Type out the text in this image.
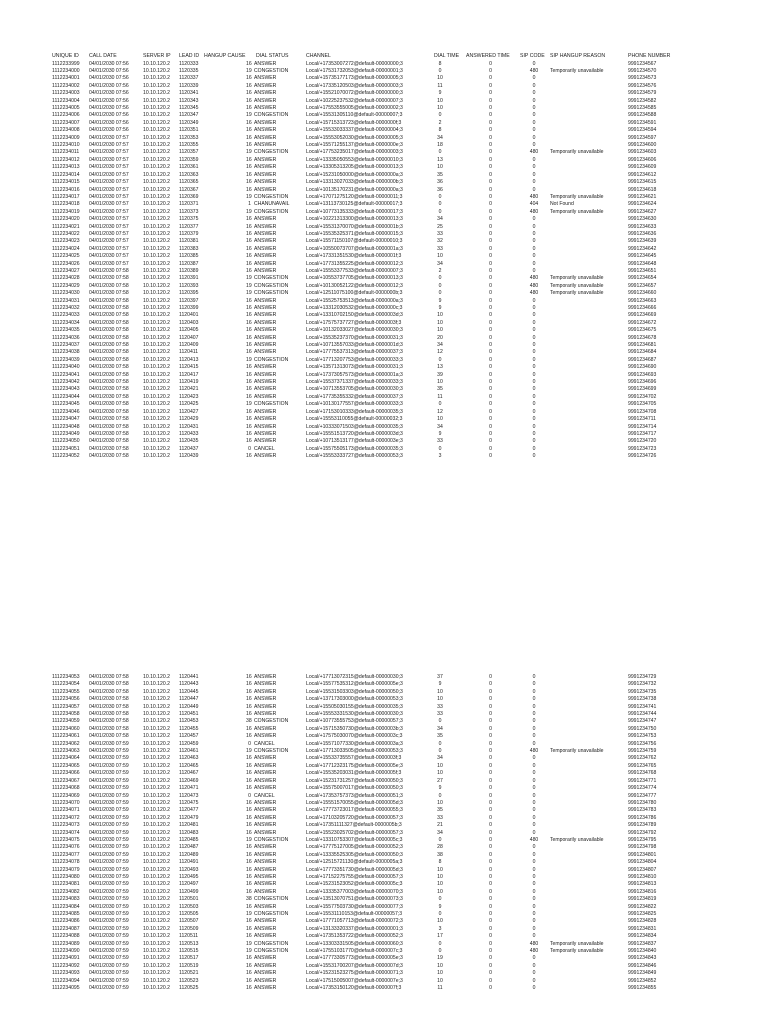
UNIQUE ID CALL DATE	SERVER IP LEAD ID HANGUP CAUSE DIAL STATUS	CHANNEL	DIAL TIME ANSWERED TIME SIP CODE SIP HANGUP REASON	PHONE NUMBER
1112233999 04/01/2030 07:56	10.10.120.2 1120333	16 ANSWER	Local/+17353007272@default-00000000;3	8	0	0	9991234567
1112234000 04/01/2030 07:56	10.10.120.2 1120335	19 CONGESTION	Local/+17531732053@default-00000001;3	0	0	480	Temporarily unavailable	9991234570
1112234001 04/01/2030 07:56	10.10.120.2 1120337	16 ANSWER	Local/+15735177173@default-00000005;3	10	0	0	9991234573
1112234002 04/01/2030 07:56	10.10.120.2 1120339	16 ANSWER	Local/+17335120503@default-00000003;3	11	0	0	9991234576
1112234003 04/01/2030 07:56	10.10.120.2 1120341	16 ANSWER	Local/+15521070072@default-00000000;3	9	0	0	9991234579
1112234004 04/01/2030 07:56	10.10.120.2 1120343	16 ANSWER	Local/+10225237532@default-00000007;3	10	0	0	9991234582
1112234005 04/01/2030 07:56	10.10.120.2 1120345	16 ANSWER	Local/+17553555005@default-00000002;3	10	0	0	9991234585
1112234006 04/01/2030 07:56	10.10.120.2 1120347	19 CONGESTION	Local/+15531305110@default-00000007;3	0	0	0	9991234588
1112234007 04/01/2030 07:56	10.10.120.2 1120349	16 ANSWER	Local/+15715313723@default-0000000f;3	2	0	0	9991234591
1112234008 04/01/2030 07:56	10.10.120.2 1120351	16 ANSWER	Local/+15533033337@default-00000004;3	8	0	0	9991234594
1112234009 04/01/2030 07:57	10.10.120.2 1120353	16 ANSWER	Local/+15553052030@default-00000005;3	34	0	0	9991234597
1112234010 04/01/2030 07:57	10.10.120.2 1120355	16 ANSWER	Local/+15571255137@default-0000000e;3	18	0	0	9991234600
1112234011 04/01/2030 07:57	10.10.120.2 1120357	19 CONGESTION	Local/+17753235017@default-00000003;3	0	0	480	Temporarily unavailable	9991234603
1112234012 04/01/2030 07:57	10.10.120.2 1120359	16 ANSWER	Local/+13335050553@default-00000010;3	13	0	0	9991234606
1112234013 04/01/2030 07:57	10.10.120.2 1120361	16 ANSWER	Local/+13305313205@default-00000013;3	10	0	0	9991234609
1112234014 04/01/2030 07:57	10.10.120.2 1120363	16 ANSWER	Local/+15231050000@default-0000000a;3	35	0	0	9991234612
1112234015 04/01/2030 07:57	10.10.120.2 1120365	16 ANSWER	Local/+13313027033@default-0000000b;3	36	0	0	9991234615
1112234016 04/01/2030 07:57	10.10.120.2 1120367	16 ANSWER	Local/+10135170231@default-0000000a;3	36	0	0	9991234618
1112234017 04/01/2030 07:57	10.10.120.2 1120369	19 CONGESTION	Local/+17071275120@default-00000011;3	0	0	480	Temporarily unavailable	9991234621
1112234018 04/01/2030 07:57	10.10.120.2 1120371	1 CHANUNAVAIL	Local/+13113730125@default-00000017;3	0	0	404	Not Found	9991234624
1112234019 04/01/2030 07:57	10.10.120.2 1120373	19 CONGESTION	Local/+10773135333@default-00000017;3	0	0	480	Temporarily unavailable	9991234627
1112234020 04/01/2030 07:57	10.10.120.2 1120375	16 ANSWER	Local/+10221313300@default-00000013;3	34	0	0	9991234630
1112234021 04/01/2030 07:57	10.10.120.2 1120377	16 ANSWER	Local/+15531370070@default-0000001b;3	25	0	0	9991234633
1112234022 04/01/2030 07:57	10.10.120.2 1120379	16 ANSWER	Local/+15535325371@default-00000015;3	33	0	0	9991234636
1112234023 04/01/2030 07:57	10.10.120.2 1120381	16 ANSWER	Local/+15571150107@default-00000010;3	32	0	0	9991234639
1112234024 04/01/2030 07:57	10.10.120.2 1120383	16 ANSWER	Local/+10550073707@default-0000001a;3	33	0	0	9991234642
1112234025 04/01/2030 07:57	10.10.120.2 1120385	16 ANSWER	Local/+17331351530@default-0000001f;3	10	0	0	9991234645
1112234026 04/01/2030 07:57	10.10.120.2 1120387	16 ANSWER	Local/+17731355225@default-00000012;3	34	0	0	9991234648
1112234027 04/01/2030 07:58	10.10.120.2 1120389	16 ANSWER	Local/+15553377533@default-00000007;3	2	0	0	9991234651
1112234028 04/01/2030 07:58	10.10.120.2 1120391	19 CONGESTION	Local/+10553737705@default-00000013;3	0	0	480	Temporarily unavailable	9991234654
1112234029 04/01/2030 07:58	10.10.120.2 1120393	19 CONGESTION	Local/+10130052122@default-00000012;3	0	0	480	Temporarily unavailable	9991234657
1112234030 04/01/2030 07:58	10.10.120.2 1120395	19 CONGESTION	Local/+12511075100@default-0000000b;3	0	0	480	Temporarily unavailable	9991234660
1112234031 04/01/2030 07:58	10.10.120.2 1120397	16 ANSWER	Local/+15525753513@default-0000000a;3	9	0	0	9991234663
1112234032 04/01/2030 07:58	10.10.120.2 1120399	16 ANSWER	Local/+13312030532@default-0000000c;3	9	0	0	9991234666
1112234033 04/01/2030 07:58	10.10.120.2 1120401	16 ANSWER	Local/+13310702150@default-0000003d;3	10	0	0	9991234669
1112234034 04/01/2030 07:58	10.10.120.2 1120403	16 ANSWER	Local/+17575737727@default-0000003f;3	10	0	0	9991234672
1112234035 04/01/2030 07:58	10.10.120.2 1120405	16 ANSWER	Local/+10132033027@default-00000030;3	10	0	0	9991234675
1112234036 04/01/2030 07:58	10.10.120.2 1120407	16 ANSWER	Local/+15535237370@default-00000031;3	20	0	0	9991234678
1112234037 04/01/2030 07:58	10.10.120.2 1120409	16 ANSWER	Local/+10713557033@default-0000001d;3	34	0	0	9991234681
1112234038 04/01/2030 07:58	10.10.120.2 1120411	16 ANSWER	Local/+17775537313@default-00000037;3	12	0	0	9991234684
1112234039 04/01/2030 07:58	10.10.120.2 1120413	19 CONGESTION	Local/+17713207753@default-00000033;3	0	0	0	9991234687
1112234040 04/01/2030 07:58	10.10.120.2 1120415	16 ANSWER	Local/+13571313073@default-00000031;3	13	0	0	9991234690
1112234041 04/01/2030 07:58	10.10.120.2 1120417	16 ANSWER	Local/+17373057573@default-0000001a;3	39	0	0	9991234693
1112234042 04/01/2030 07:58	10.10.120.2 1120419	16 ANSWER	Local/+15537371337@default-00000033;3	10	0	0	9991234696
1112234043 04/01/2030 07:58	10.10.120.2 1120421	16 ANSWER	Local/+10713553705@default-00000030;3	35	0	0	9991234699
1112234044 04/01/2030 07:58	10.10.120.2 1120423	16 ANSWER	Local/+17735355332@default-00000037;3	11	0	0	9991234702
1112234045 04/01/2030 07:58	10.10.120.2 1120425	19 CONGESTION	Local/+10130177557@default-00000033;3	0	0	0	9991234705
1112234046 04/01/2030 07:58	10.10.120.2 1120427	16 ANSWER	Local/+17153010333@default-00000035;3	12	0	0	9991234708
1112234047 04/01/2030 07:58	10.10.120.2 1120429	16 ANSWER	Local/+15553110055@default-00000032;3	10	0	0	9991234711
1112234048 04/01/2030 07:58	10.10.120.2 1120431	16 ANSWER	Local/+10333071503@default-00000035;3	34	0	0	9991234714
1112234049 04/01/2030 07:58	10.10.120.2 1120433	16 ANSWER	Local/+15551513720@default-0000003d;3	9	0	0	9991234717
1112234050 04/01/2030 07:58	10.10.120.2 1120435	16 ANSWER	Local/+10713513177@default-0000003e;3	33	0	0	9991234720
1112234051 04/01/2030 07:58	10.10.120.2 1120437	0 CANCEL	Local/+15575505173@default-00000035;3	0	0	0	9991234723
1112234052 04/01/2030 07:58	10.10.120.2 1120439	16 ANSWER	Local/+15553333727@default-00000053;3	3	0	0	9991234726
1112234053 04/01/2030 07:58	10.10.120.2 1120441	16 ANSWER	Local/+17713072315@default-00000030;3	37	0	0	9991234729
1112234054 04/01/2030 07:58	10.10.120.2 1120443	16 ANSWER	Local/+15577535312@default-0000005e;3	9	0	0	9991234732
1112234055 04/01/2030 07:58	10.10.120.2 1120445	16 ANSWER	Local/+15531503303@default-00000050;3	10	0	0	9991234735
1112234056 04/01/2030 07:58	10.10.120.2 1120447	16 ANSWER	Local/+13717303000@default-00000053;3	10	0	0	9991234738
1112234057 04/01/2030 07:58	10.10.120.2 1120449	16 ANSWER	Local/+15505030155@default-00000035;3	33	0	0	9991234741
1112234058 04/01/2030 07:58	10.10.120.2 1120451	16 ANSWER	Local/+15553331530@default-00000030;3	33	0	0	9991234744
1112234059 04/01/2030 07:58	10.10.120.2 1120453	38 CONGESTION	Local/+10773555753@default-00000057;3	0	0	0	9991234747
1112234060 04/01/2030 07:58	10.10.120.2 1120455	16 ANSWER	Local/+15715350730@default-0000003b;3	34	0	0	9991234750
1112234061 04/01/2030 07:58	10.10.120.2 1120457	16 ANSWER	Local/+17575030070@default-0000003c;3	35	0	0	9991234753
1112234062 04/01/2030 07:59	10.10.120.2 1120459	0 CANCEL	Local/+15571077330@default-0000003a;3	0	0	0	9991234756
1112234063 04/01/2030 07:59	10.10.120.2 1120461	19 CONGESTION	Local/+17713033505@default-00000053;3	0	0	480	Temporarily unavailable	9991234759
1112234064 04/01/2030 07:59	10.10.120.2 1120463	16 ANSWER	Local/+15533735557@default-0000003f;3	34	0	0	9991234762
1112234065 04/01/2030 07:59	10.10.120.2 1120465	16 ANSWER	Local/+17712323175@default-0000005e;3	10	0	0	9991234765
1112234066 04/01/2030 07:59	10.10.120.2 1120467	16 ANSWER	Local/+15535203031@default-0000005f;3	10	0	0	9991234768
1112234067 04/01/2030 07:59	10.10.120.2 1120469	16 ANSWER	Local/+15231731257@default-00000050;3	27	0	0	9991234771
1112234068 04/01/2030 07:59	10.10.120.2 1120471	16 ANSWER	Local/+15575007017@default-00000050;3	9	0	0	9991234774
1112234069 04/01/2030 07:59	10.10.120.2 1120473	0 CANCEL	Local/+17353757373@default-00000051;3	0	0	0	9991234777
1112234070 04/01/2030 07:59	10.10.120.2 1120475	16 ANSWER	Local/+15551570055@default-0000005d;3	10	0	0	9991234780
1112234071 04/01/2030 07:59	10.10.120.2 1120477	16 ANSWER	Local/+17773723017@default-00000055;3	35	0	0	9991234783
1112234072 04/01/2030 07:59	10.10.120.2 1120479	16 ANSWER	Local/+17103205720@default-00000057;3	33	0	0	9991234786
1112234073 04/01/2030 07:59	10.10.120.2 1120481	16 ANSWER	Local/+17351111327@default-0000005b;3	21	0	0	9991234789
1112234074 04/01/2030 07:59	10.10.120.2 1120483	16 ANSWER	Local/+15523025702@default-00000057;3	34	0	0	9991234792
1112234075 04/01/2030 07:59	10.10.120.2 1120485	19 CONGESTION	Local/+13310753307@default-0000005c;3	0	0	480	Temporarily unavailable	9991234795
1112234076 04/01/2030 07:59	10.10.120.2 1120487	16 ANSWER	Local/+17775127005@default-00000052;3	28	0	0	9991234798
1112234077 04/01/2030 07:59	10.10.120.2 1120489	16 ANSWER	Local/+13335525305@default-00000050;3	38	0	0	9991234801
1112234078 04/01/2030 07:59	10.10.120.2 1120491	16 ANSWER	Local/+12515721130@default-0000005a;3	8	0	0	9991234804
1112234079 04/01/2030 07:59	10.10.120.2 1120493	16 ANSWER	Local/+17773351730@default-0000005d;3	10	0	0	9991234807
1112234080 04/01/2030 07:59	10.10.120.2 1120495	16 ANSWER	Local/+17152275755@default-00000057;3	10	0	0	9991234810
1112234081 04/01/2030 07:59	10.10.120.2 1120497	16 ANSWER	Local/+15231523052@default-0000005c;3	10	0	0	9991234813
1112234082 04/01/2030 07:59	10.10.120.2 1120499	16 ANSWER	Local/+13335377003@default-00000070;3	10	0	0	9991234816
1112234083 04/01/2030 07:59	10.10.120.2 1120501	38 CONGESTION	Local/+13513070751@default-00000073;3	0	0	0	9991234819
1112234084 04/01/2030 07:59	10.10.120.2 1120503	16 ANSWER	Local/+15577503730@default-00000077;3	9	0	0	9991234822
1112234085 04/01/2030 07:59	10.10.120.2 1120505	19 CONGESTION	Local/+15531110153@default-00000057;3	0	0	0	9991234825
1112234086 04/01/2030 07:59	10.10.120.2 1120507	16 ANSWER	Local/+17771057713@default-00000072;3	10	0	0	9991234828
1112234087 04/01/2030 07:59	10.10.120.2 1120509	16 ANSWER	Local/+13133320337@default-00000001;3	3	0	0	9991234831
1112234088 04/01/2030 07:59	10.10.120.2 1120511	16 ANSWER	Local/+17351353722@default-00000052;3	17	0	0	9991234834
1112234089 04/01/2030 07:59	10.10.120.2 1120513	19 CONGESTION	Local/+13303331505@default-00000060;3	0	0	480	Temporarily unavailable	9991234837
1112234090 04/01/2030 07:59	10.10.120.2 1120515	19 CONGESTION	Local/+17551031770@default-0000007c;3	0	0	480	Temporarily unavailable	9991234840
1112234091 04/01/2030 07:59	10.10.120.2 1120517	16 ANSWER	Local/+17773305773@default-0000005e;3	19	0	0	9991234843
1112234092 04/01/2030 07:59	10.10.120.2 1120519	16 ANSWER	Local/+15531700207@default-0000007d;3	10	0	0	9991234846
1112234093 04/01/2030 07:59	10.10.120.2 1120521	16 ANSWER	Local/+15231523275@default-00000071;3	10	0	0	9991234849
1112234094 04/01/2030 07:59	10.10.120.2 1120523	16 ANSWER	Local/+17515005007@default-0000007e;3	10	0	0	9991234852
1112234095 04/01/2030 07:59	10.10.120.2 1120525	16 ANSWER	Local/+17353150120@default-0000007f;3	11	0	0	9991234855
